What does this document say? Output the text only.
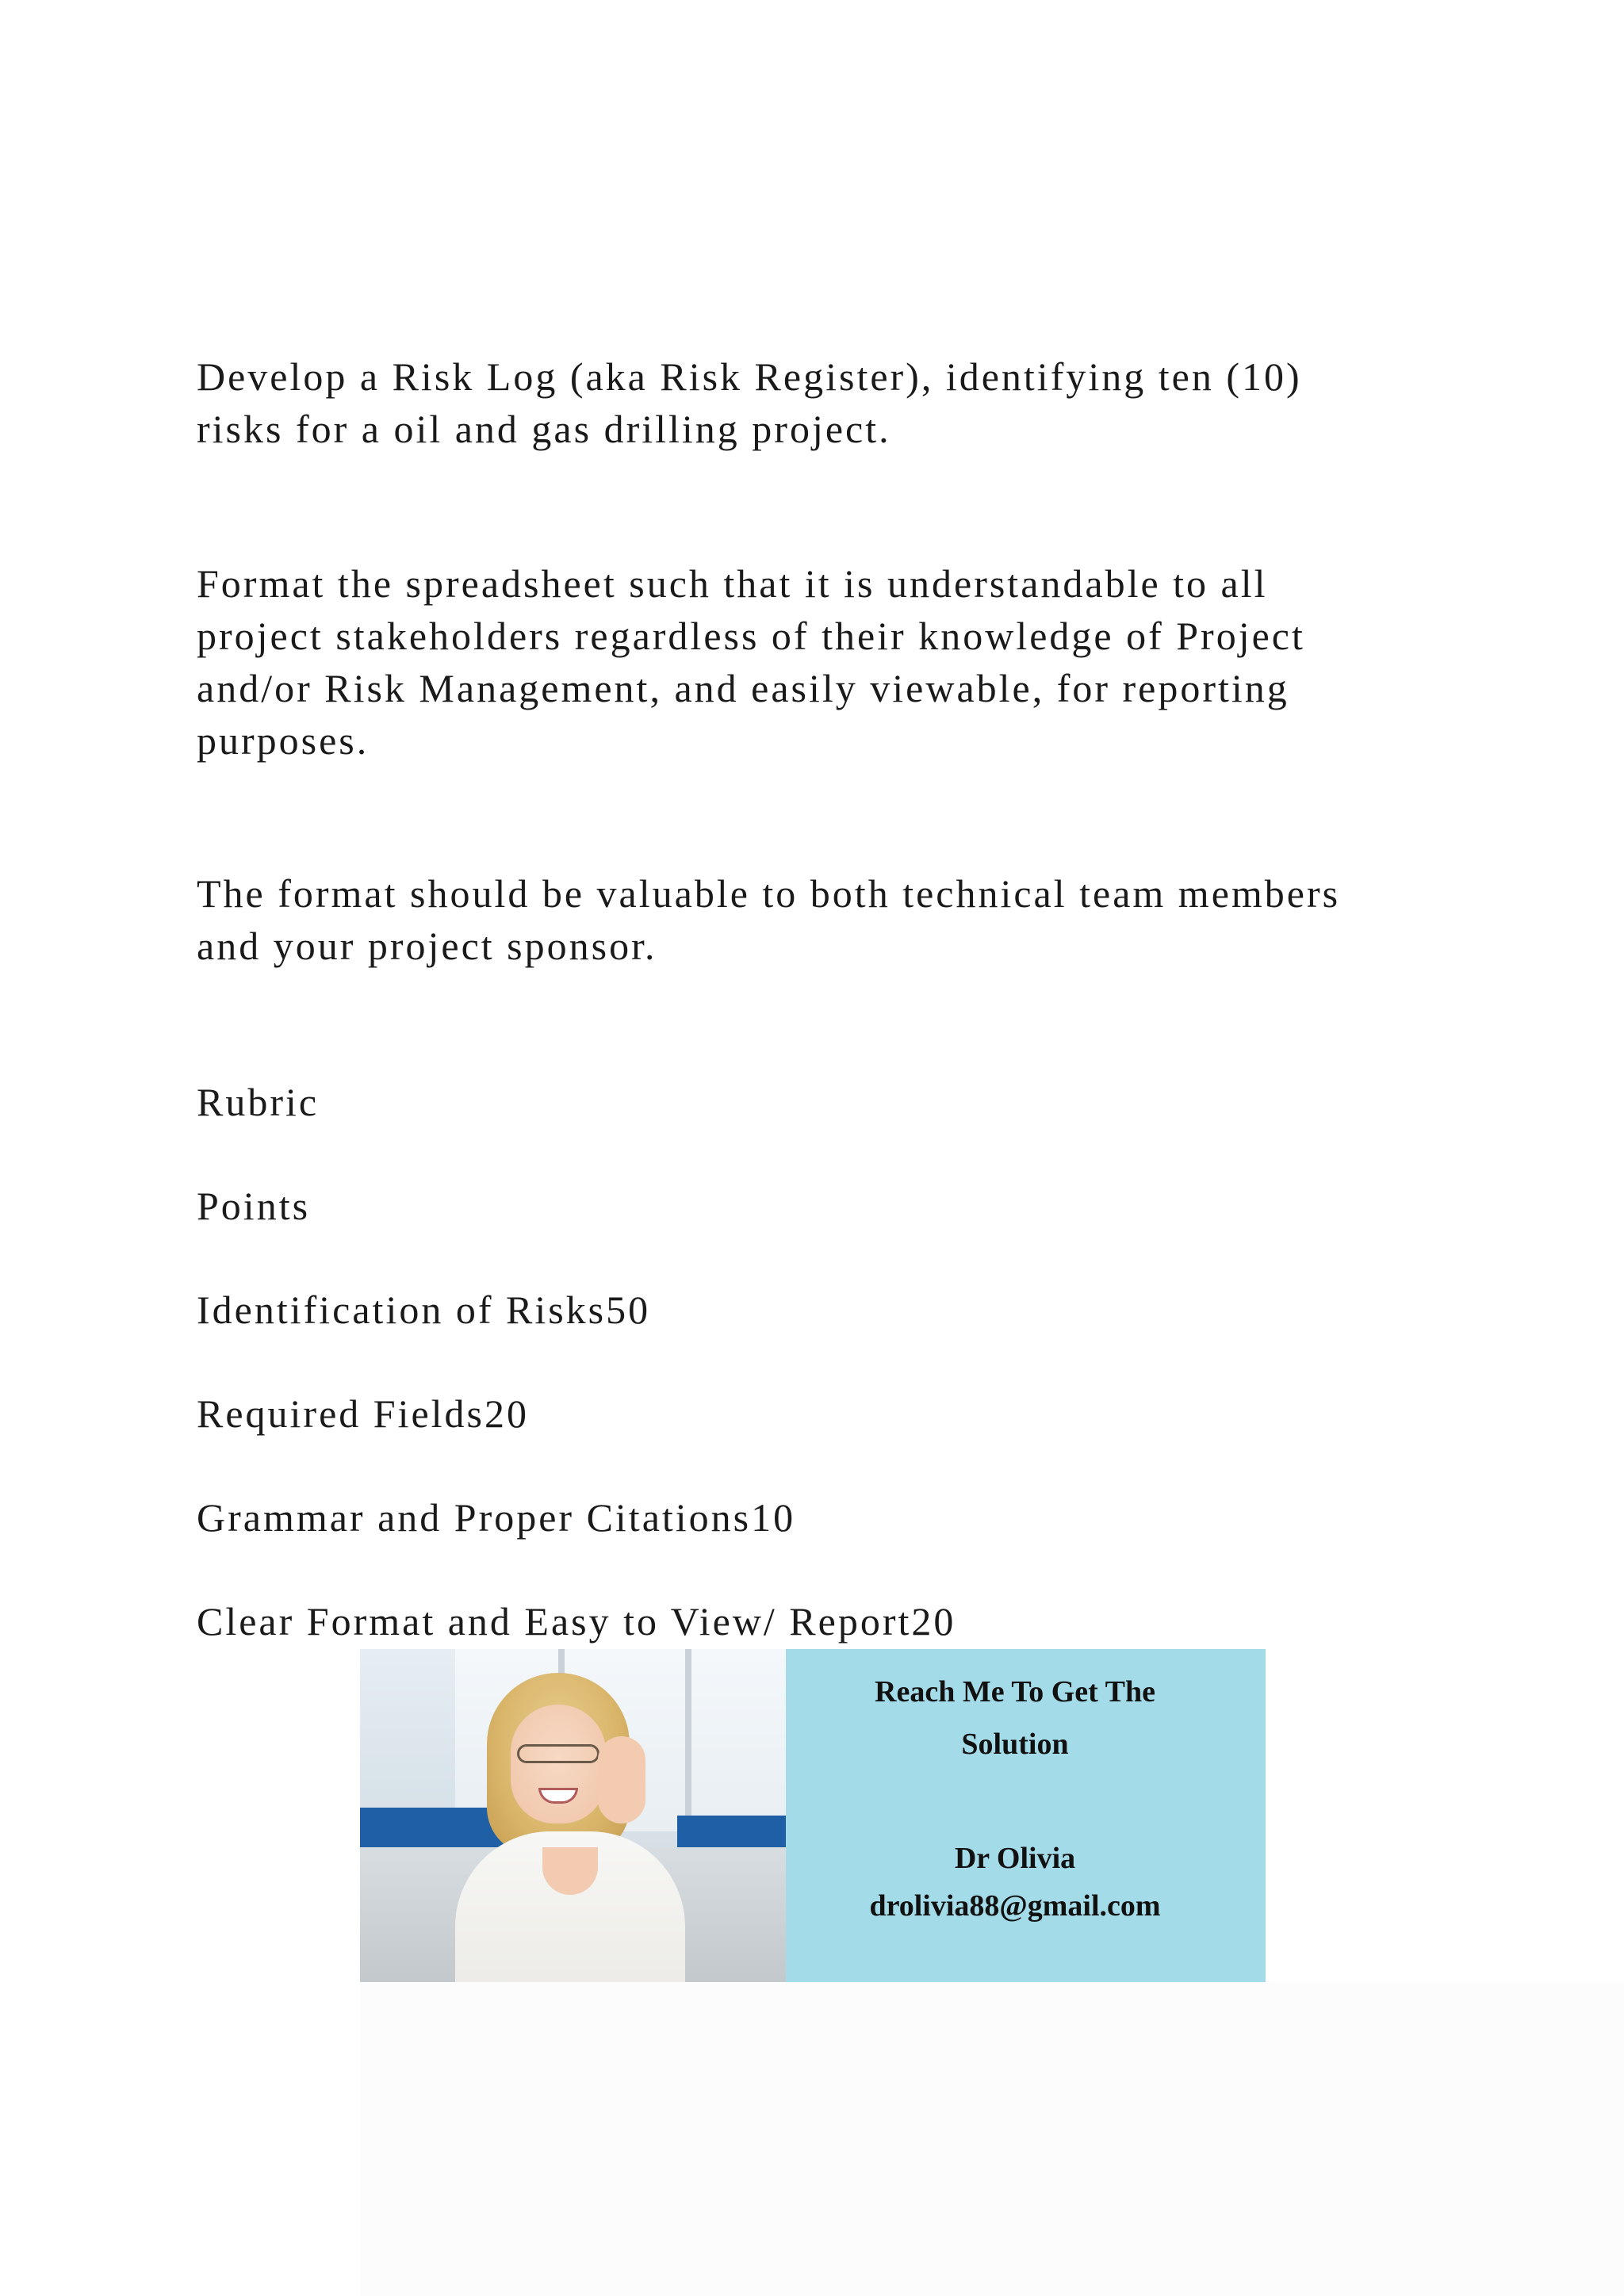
Develop a Risk Log (aka Risk Register), identifying ten (10)
risks for a oil and gas drilling project.

Format the spreadsheet such that it is understandable to all
project stakeholders regardless of their knowledge of Project
and/or Risk Management, and easily viewable, for reporting
purposes.

The format should be valuable to both technical team members
and your project sponsor.

Rubric

Points

Identification of Risks50

Required Fields20

Grammar and Proper Citations10

Clear Format and Easy to View/ Report20

Reach Me To Get The
Solution
Dr Olivia
drolivia88@gmail.com
